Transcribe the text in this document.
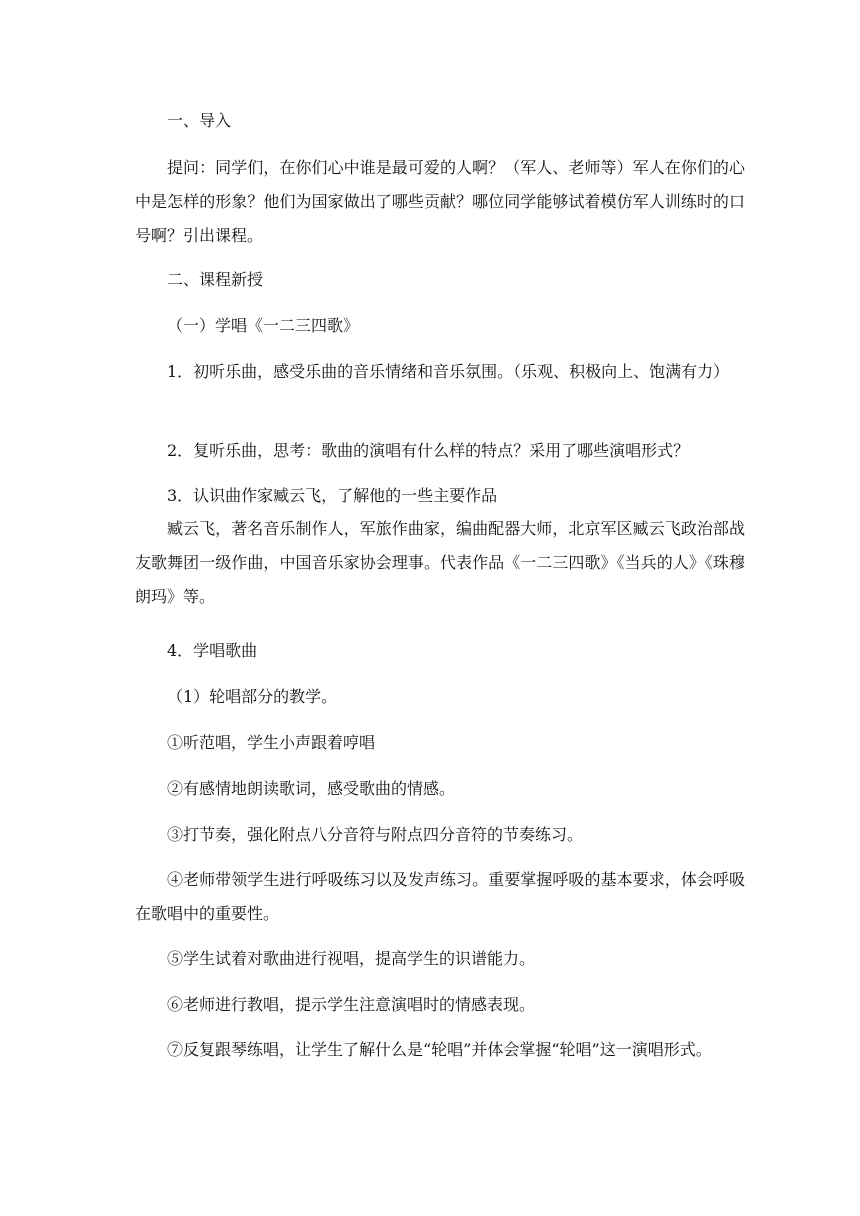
一、导入

提问：同学们，在你们心中谁是最可爱的人啊？（军人、老师等）军人在你们的心中是怎样的形象？他们为国家做出了哪些贡献？哪位同学能够试着模仿军人训练时的口号啊？引出课程。

二、课程新授

（一）学唱《一二三四歌》

1．初听乐曲，感受乐曲的音乐情绪和音乐氛围。（乐观、积极向上、饱满有力）

2．复听乐曲，思考：歌曲的演唱有什么样的特点？采用了哪些演唱形式？

3．认识曲作家臧云飞，了解他的一些主要作品

臧云飞，著名音乐制作人，军旅作曲家，编曲配器大师，北京军区臧云飞政治部战友歌舞团一级作曲，中国音乐家协会理事。代表作品《一二三四歌》《当兵的人》《珠穆朗玛》等。

4．学唱歌曲

（1）轮唱部分的教学。

①听范唱，学生小声跟着哼唱

②有感情地朗读歌词，感受歌曲的情感。

③打节奏，强化附点八分音符与附点四分音符的节奏练习。

④老师带领学生进行呼吸练习以及发声练习。重要掌握呼吸的基本要求，体会呼吸在歌唱中的重要性。

⑤学生试着对歌曲进行视唱，提高学生的识谱能力。

⑥老师进行教唱，提示学生注意演唱时的情感表现。

⑦反复跟琴练唱，让学生了解什么是“轮唱”并体会掌握“轮唱”这一演唱形式。
